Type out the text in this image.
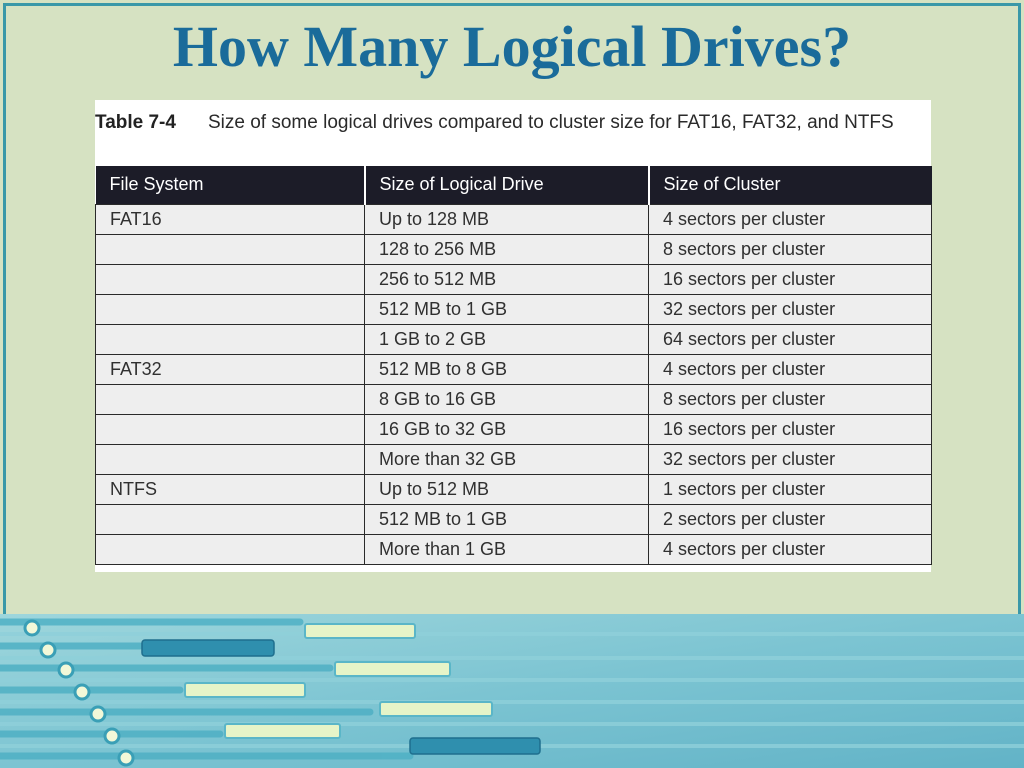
How Many Logical Drives?
Table 7-4 Size of some logical drives compared to cluster size for FAT16, FAT32, and NTFS
File System	Size of Logical Drive	Size of Cluster
FAT16	Up to 128 MB	4 sectors per cluster
	128 to 256 MB	8 sectors per cluster
	256 to 512 MB	16 sectors per cluster
	512 MB to 1 GB	32 sectors per cluster
	1 GB to 2 GB	64 sectors per cluster
FAT32	512 MB to 8 GB	4 sectors per cluster
	8 GB to 16 GB	8 sectors per cluster
	16 GB to 32 GB	16 sectors per cluster
	More than 32 GB	32 sectors per cluster
NTFS	Up to 512 MB	1 sectors per cluster
	512 MB to 1 GB	2 sectors per cluster
	More than 1 GB	4 sectors per cluster
